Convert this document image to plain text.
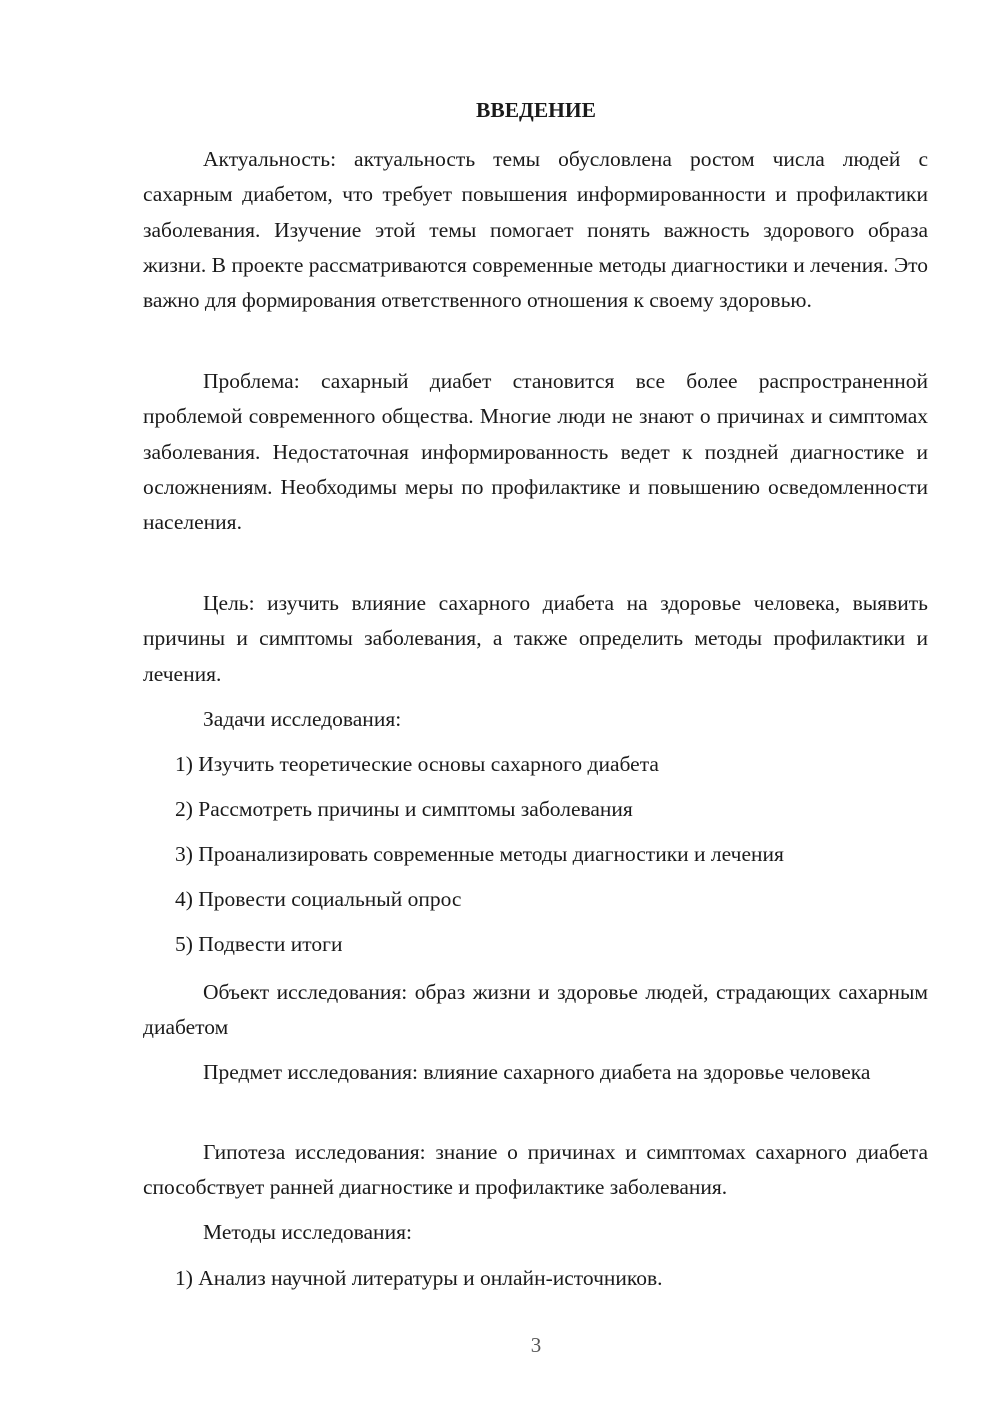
ВВЕДЕНИЕ

Актуальность: актуальность темы обусловлена ростом числа людей с сахарным диабетом, что требует повышения информированности и профилактики заболевания. Изучение этой темы помогает понять важность здорового образа жизни. В проекте рассматриваются современные методы диагностики и лечения. Это важно для формирования ответственного отношения к своему здоровью.

Проблема: сахарный диабет становится все более распространенной проблемой современного общества. Многие люди не знают о причинах и симптомах заболевания. Недостаточная информированность ведет к поздней диагностике и осложнениям. Необходимы меры по профилактике и повышению осведомленности населения.

Цель: изучить влияние сахарного диабета на здоровье человека, выявить причины и симптомы заболевания, а также определить методы профилактики и лечения.

Задачи исследования:

1) Изучить теоретические основы сахарного диабета

2) Рассмотреть причины и симптомы заболевания

3) Проанализировать современные методы диагностики и лечения

4) Провести социальный опрос

5) Подвести итоги

Объект исследования: образ жизни и здоровье людей, страдающих сахарным диабетом

Предмет исследования: влияние сахарного диабета на здоровье человека

Гипотеза исследования: знание о причинах и симптомах сахарного диабета способствует ранней диагностике и профилактике заболевания.

Методы исследования:

1) Анализ научной литературы и онлайн-источников.

3
